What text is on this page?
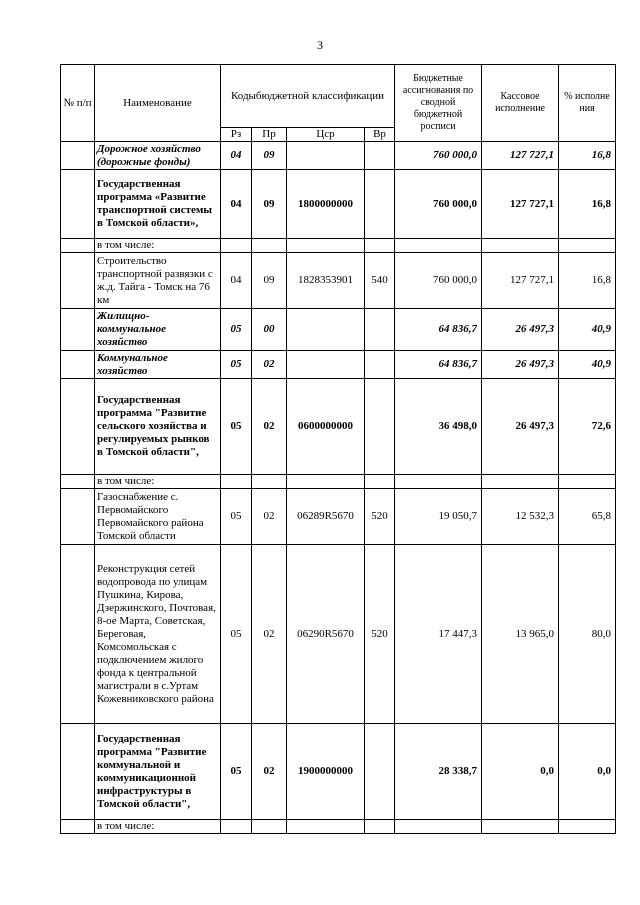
3
№ п/п	Наименование	Кодыбюджетной классификации				Бюджетные ассигнования по сводной бюджетной росписи	Кассовое исполнение	% исполне ния
		Рз	Пр	Цср	Вр			
	Дорожное хозяйство (дорожные фонды)	04	09			760 000,0	127 727,1	16,8
	Государственная программа «Развитие транспортной системы в Томской области»,	04	09	1800000000		760 000,0	127 727,1	16,8
	в том числе:							
	Строительство транспортной развязки с ж.д. Тайга - Томск на 76 км	04	09	1828353901	540	760 000,0	127 727,1	16,8
	Жилищно-коммунальное хозяйство	05	00			64 836,7	26 497,3	40,9
	Коммунальное хозяйство	05	02			64 836,7	26 497,3	40,9
	Государственная программа "Развитие сельского хозяйства и регулируемых рынков в Томской области",	05	02	0600000000		36 498,0	26 497,3	72,6
	в том числе:							
	Газоснабжение с. Первомайского Первомайского района Томской области	05	02	06289R5670	520	19 050,7	12 532,3	65,8
	Реконструкция сетей водопровода по улицам Пушкина, Кирова, Дзержинского, Почтовая, 8-ое Марта, Советская, Береговая, Комсомольская с подключением жилого фонда к центральной магистрали в с.Уртам Кожевниковского района	05	02	06290R5670	520	17 447,3	13 965,0	80,0
	Государственная программа "Развитие коммунальной и коммуникационной инфраструктуры в Томской области",	05	02	1900000000		28 338,7	0,0	0,0
	в том числе:							
